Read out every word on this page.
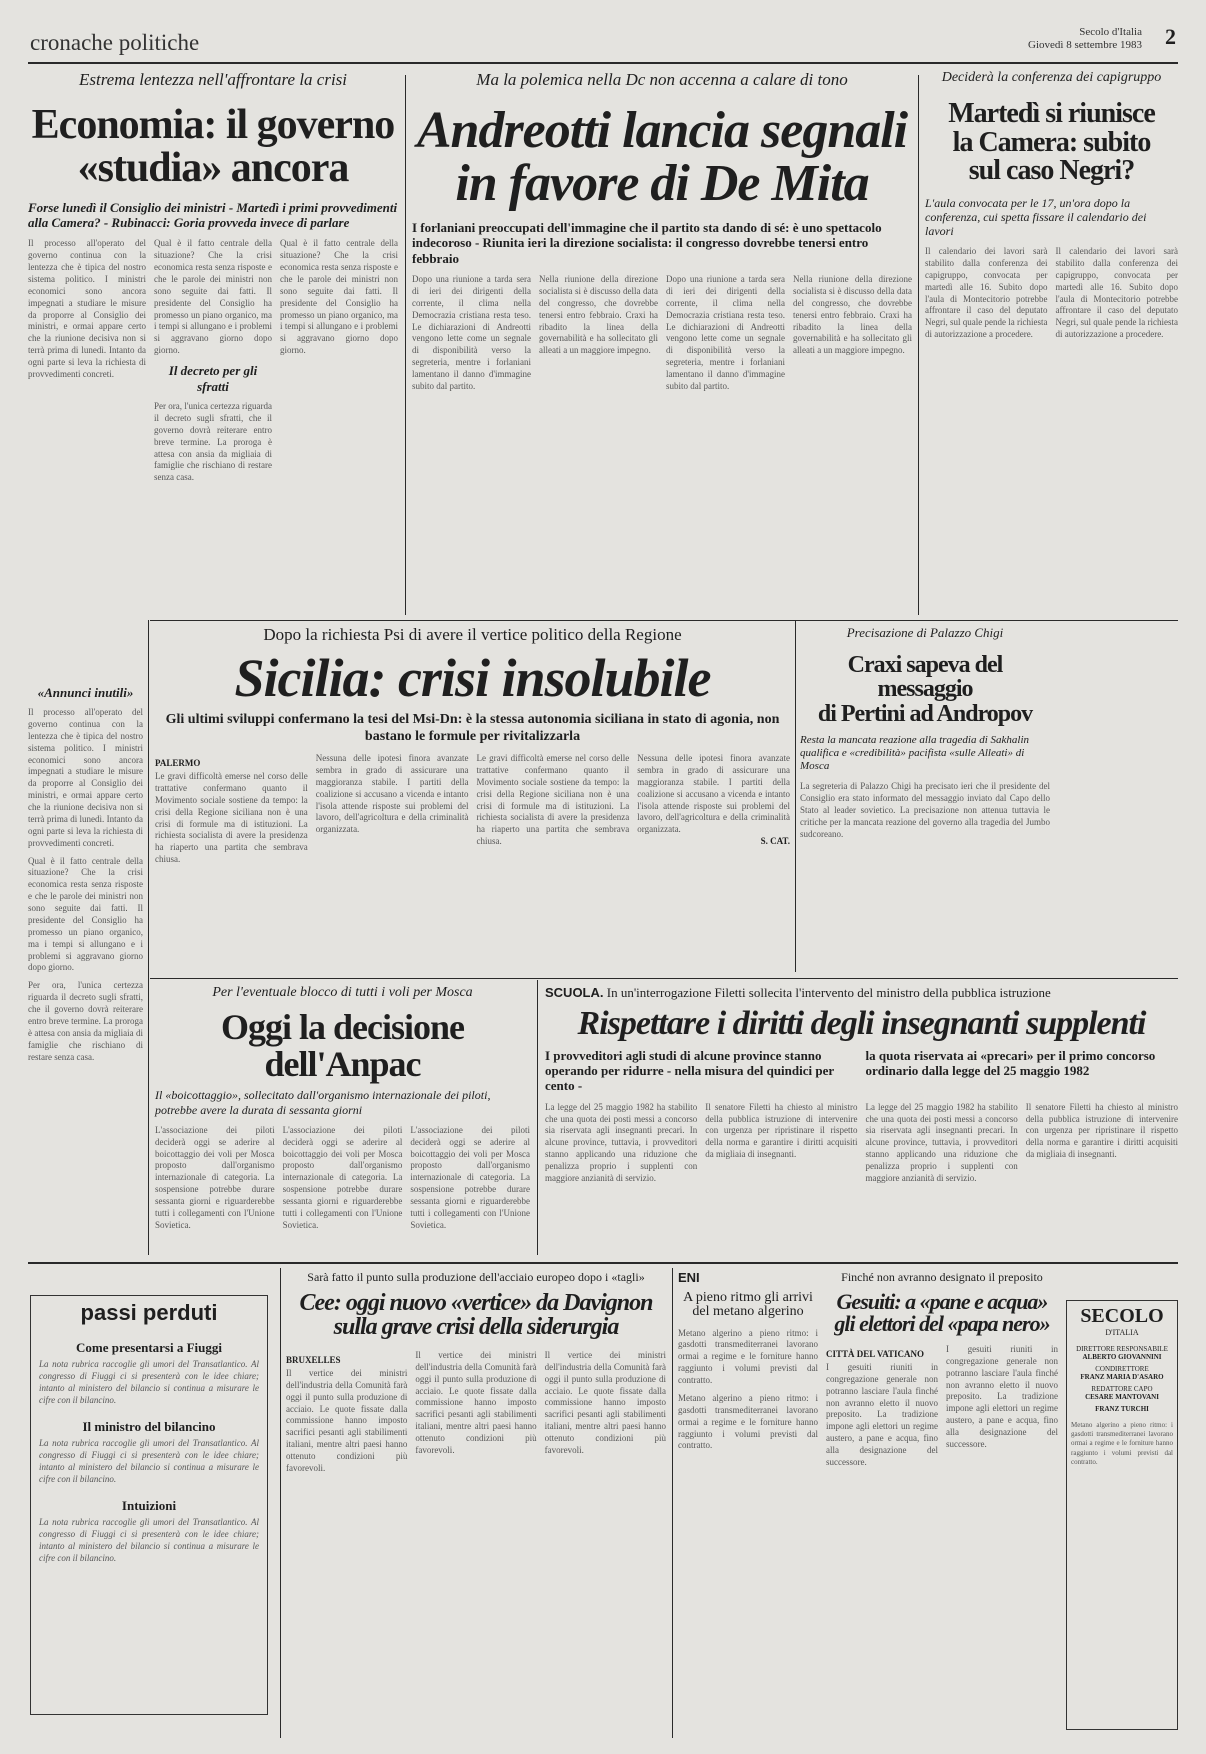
cronache politiche	Secolo d'Italia
Giovedì 8 settembre 1983 2
Estrema lentezza nell'affrontare la crisi
Economia: il governo
«studia» ancora
Forse lunedì il Consiglio dei ministri - Martedì i primi provvedimenti alla Camera? - Rubinacci: Goria provveda invece di parlare
Il processo all'operato del governo continua con la lentezza che è tipica del nostro sistema politico. I ministri economici sono ancora impegnati a studiare le misure da proporre al Consiglio dei ministri, e ormai appare certo che la riunione decisiva non si terrà prima di lunedì. Intanto da ogni parte si leva la richiesta di provvedimenti concreti.
Qual è il fatto centrale della situazione? Che la crisi economica resta senza risposte e che le parole dei ministri non sono seguite dai fatti. Il presidente del Consiglio ha promesso un piano organico, ma i tempi si allungano e i problemi si aggravano giorno dopo giorno.
Il decreto per gli sfratti
Per ora, l'unica certezza riguarda il decreto sugli sfratti, che il governo dovrà reiterare entro breve termine. La proroga è attesa con ansia da migliaia di famiglie che rischiano di restare senza casa.
Qual è il fatto centrale della situazione? Che la crisi economica resta senza risposte e che le parole dei ministri non sono seguite dai fatti. Il presidente del Consiglio ha promesso un piano organico, ma i tempi si allungano e i problemi si aggravano giorno dopo giorno.
Ma la polemica nella Dc non accenna a calare di tono
Andreotti lancia segnali
in favore di De Mita
I forlaniani preoccupati dell'immagine che il partito sta dando di sé: è uno spettacolo indecoroso - Riunita ieri la direzione socialista: il congresso dovrebbe tenersi entro febbraio
Dopo una riunione a tarda sera di ieri dei dirigenti della corrente, il clima nella Democrazia cristiana resta teso. Le dichiarazioni di Andreotti vengono lette come un segnale di disponibilità verso la segreteria, mentre i forlaniani lamentano il danno d'immagine subito dal partito.
Nella riunione della direzione socialista si è discusso della data del congresso, che dovrebbe tenersi entro febbraio. Craxi ha ribadito la linea della governabilità e ha sollecitato gli alleati a un maggiore impegno.
Dopo una riunione a tarda sera di ieri dei dirigenti della corrente, il clima nella Democrazia cristiana resta teso. Le dichiarazioni di Andreotti vengono lette come un segnale di disponibilità verso la segreteria, mentre i forlaniani lamentano il danno d'immagine subito dal partito.
Nella riunione della direzione socialista si è discusso della data del congresso, che dovrebbe tenersi entro febbraio. Craxi ha ribadito la linea della governabilità e ha sollecitato gli alleati a un maggiore impegno.
Deciderà la conferenza dei capigruppo
Martedì si riunisce
la Camera: subito
sul caso Negri?
L'aula convocata per le 17, un'ora dopo la conferenza, cui spetta fissare il calendario dei lavori
Il calendario dei lavori sarà stabilito dalla conferenza dei capigruppo, convocata per martedì alle 16. Subito dopo l'aula di Montecitorio potrebbe affrontare il caso del deputato Negri, sul quale pende la richiesta di autorizzazione a procedere.
Il calendario dei lavori sarà stabilito dalla conferenza dei capigruppo, convocata per martedì alle 16. Subito dopo l'aula di Montecitorio potrebbe affrontare il caso del deputato Negri, sul quale pende la richiesta di autorizzazione a procedere.
«Annunci inutili»
Il processo all'operato del governo continua con la lentezza che è tipica del nostro sistema politico. I ministri economici sono ancora impegnati a studiare le misure da proporre al Consiglio dei ministri, e ormai appare certo che la riunione decisiva non si terrà prima di lunedì. Intanto da ogni parte si leva la richiesta di provvedimenti concreti.
Qual è il fatto centrale della situazione? Che la crisi economica resta senza risposte e che le parole dei ministri non sono seguite dai fatti. Il presidente del Consiglio ha promesso un piano organico, ma i tempi si allungano e i problemi si aggravano giorno dopo giorno.
Per ora, l'unica certezza riguarda il decreto sugli sfratti, che il governo dovrà reiterare entro breve termine. La proroga è attesa con ansia da migliaia di famiglie che rischiano di restare senza casa.
Dopo la richiesta Psi di avere il vertice politico della Regione
Sicilia: crisi insolubile
Gli ultimi sviluppi confermano la tesi del Msi-Dn: è la stessa autonomia siciliana in stato di agonia, non bastano le formule per rivitalizzarla
PALERMO
Le gravi difficoltà emerse nel corso delle trattative confermano quanto il Movimento sociale sostiene da tempo: la crisi della Regione siciliana non è una crisi di formule ma di istituzioni. La richiesta socialista di avere la presidenza ha riaperto una partita che sembrava chiusa.
Nessuna delle ipotesi finora avanzate sembra in grado di assicurare una maggioranza stabile. I partiti della coalizione si accusano a vicenda e intanto l'isola attende risposte sui problemi del lavoro, dell'agricoltura e della criminalità organizzata.
Le gravi difficoltà emerse nel corso delle trattative confermano quanto il Movimento sociale sostiene da tempo: la crisi della Regione siciliana non è una crisi di formule ma di istituzioni. La richiesta socialista di avere la presidenza ha riaperto una partita che sembrava chiusa.
Nessuna delle ipotesi finora avanzate sembra in grado di assicurare una maggioranza stabile. I partiti della coalizione si accusano a vicenda e intanto l'isola attende risposte sui problemi del lavoro, dell'agricoltura e della criminalità organizzata.
S. CAT.
Precisazione di Palazzo Chigi
Craxi sapeva del messaggio
di Pertini ad Andropov
Resta la mancata reazione alla tragedia di Sakhalin qualifica e «credibilità» pacifista «sulle Alleati» di Mosca
La segreteria di Palazzo Chigi ha precisato ieri che il presidente del Consiglio era stato informato del messaggio inviato dal Capo dello Stato al leader sovietico. La precisazione non attenua tuttavia le critiche per la mancata reazione del governo alla tragedia del Jumbo sudcoreano.
Per l'eventuale blocco di tutti i voli per Mosca
Oggi la decisione dell'Anpac
Il «boicottaggio», sollecitato dall'organismo internazionale dei piloti, potrebbe avere la durata di sessanta giorni
L'associazione dei piloti deciderà oggi se aderire al boicottaggio dei voli per Mosca proposto dall'organismo internazionale di categoria. La sospensione potrebbe durare sessanta giorni e riguarderebbe tutti i collegamenti con l'Unione Sovietica.
L'associazione dei piloti deciderà oggi se aderire al boicottaggio dei voli per Mosca proposto dall'organismo internazionale di categoria. La sospensione potrebbe durare sessanta giorni e riguarderebbe tutti i collegamenti con l'Unione Sovietica.
L'associazione dei piloti deciderà oggi se aderire al boicottaggio dei voli per Mosca proposto dall'organismo internazionale di categoria. La sospensione potrebbe durare sessanta giorni e riguarderebbe tutti i collegamenti con l'Unione Sovietica.
SCUOLA. In un'interrogazione Filetti sollecita l'intervento del ministro della pubblica istruzione
Rispettare i diritti degli insegnanti supplenti
I provveditori agli studi di alcune province stanno operando per ridurre - nella misura del quindici per cento -
la quota riservata ai «precari» per il primo concorso ordinario dalla legge del 25 maggio 1982
La legge del 25 maggio 1982 ha stabilito che una quota dei posti messi a concorso sia riservata agli insegnanti precari. In alcune province, tuttavia, i provveditori stanno applicando una riduzione che penalizza proprio i supplenti con maggiore anzianità di servizio.
Il senatore Filetti ha chiesto al ministro della pubblica istruzione di intervenire con urgenza per ripristinare il rispetto della norma e garantire i diritti acquisiti da migliaia di insegnanti.
La legge del 25 maggio 1982 ha stabilito che una quota dei posti messi a concorso sia riservata agli insegnanti precari. In alcune province, tuttavia, i provveditori stanno applicando una riduzione che penalizza proprio i supplenti con maggiore anzianità di servizio.
Il senatore Filetti ha chiesto al ministro della pubblica istruzione di intervenire con urgenza per ripristinare il rispetto della norma e garantire i diritti acquisiti da migliaia di insegnanti.
passi perduti
Come presentarsi a Fiuggi
La nota rubrica raccoglie gli umori del Transatlantico. Al congresso di Fiuggi ci si presenterà con le idee chiare; intanto al ministero del bilancio si continua a misurare le cifre con il bilancino.
Il ministro del bilancino
La nota rubrica raccoglie gli umori del Transatlantico. Al congresso di Fiuggi ci si presenterà con le idee chiare; intanto al ministero del bilancio si continua a misurare le cifre con il bilancino.
Intuizioni
La nota rubrica raccoglie gli umori del Transatlantico. Al congresso di Fiuggi ci si presenterà con le idee chiare; intanto al ministero del bilancio si continua a misurare le cifre con il bilancino.
Sarà fatto il punto sulla produzione dell'acciaio europeo dopo i «tagli»
Cee: oggi nuovo «vertice» da Davignon
sulla grave crisi della siderurgia
BRUXELLES
Il vertice dei ministri dell'industria della Comunità farà oggi il punto sulla produzione di acciaio. Le quote fissate dalla commissione hanno imposto sacrifici pesanti agli stabilimenti italiani, mentre altri paesi hanno ottenuto condizioni più favorevoli.
Il vertice dei ministri dell'industria della Comunità farà oggi il punto sulla produzione di acciaio. Le quote fissate dalla commissione hanno imposto sacrifici pesanti agli stabilimenti italiani, mentre altri paesi hanno ottenuto condizioni più favorevoli.
Il vertice dei ministri dell'industria della Comunità farà oggi il punto sulla produzione di acciaio. Le quote fissate dalla commissione hanno imposto sacrifici pesanti agli stabilimenti italiani, mentre altri paesi hanno ottenuto condizioni più favorevoli.
ENI
A pieno ritmo gli arrivi del metano algerino
Metano algerino a pieno ritmo: i gasdotti transmediterranei lavorano ormai a regime e le forniture hanno raggiunto i volumi previsti dal contratto.
Metano algerino a pieno ritmo: i gasdotti transmediterranei lavorano ormai a regime e le forniture hanno raggiunto i volumi previsti dal contratto.
Finché non avranno designato il preposito
Gesuiti: a «pane e acqua»
gli elettori del «papa nero»
CITTÀ DEL VATICANO
I gesuiti riuniti in congregazione generale non potranno lasciare l'aula finché non avranno eletto il nuovo preposito. La tradizione impone agli elettori un regime austero, a pane e acqua, fino alla designazione del successore.
I gesuiti riuniti in congregazione generale non potranno lasciare l'aula finché non avranno eletto il nuovo preposito. La tradizione impone agli elettori un regime austero, a pane e acqua, fino alla designazione del successore.
SECOLO
D'ITALIA
DIRETTORE RESPONSABILE
ALBERTO GIOVANNINI
CONDIRETTORE
FRANZ MARIA D'ASARO
REDATTORE CAPO
CESARE MANTOVANI
FRANZ TURCHI
Metano algerino a pieno ritmo: i gasdotti transmediterranei lavorano ormai a regime e le forniture hanno raggiunto i volumi previsti dal contratto.
